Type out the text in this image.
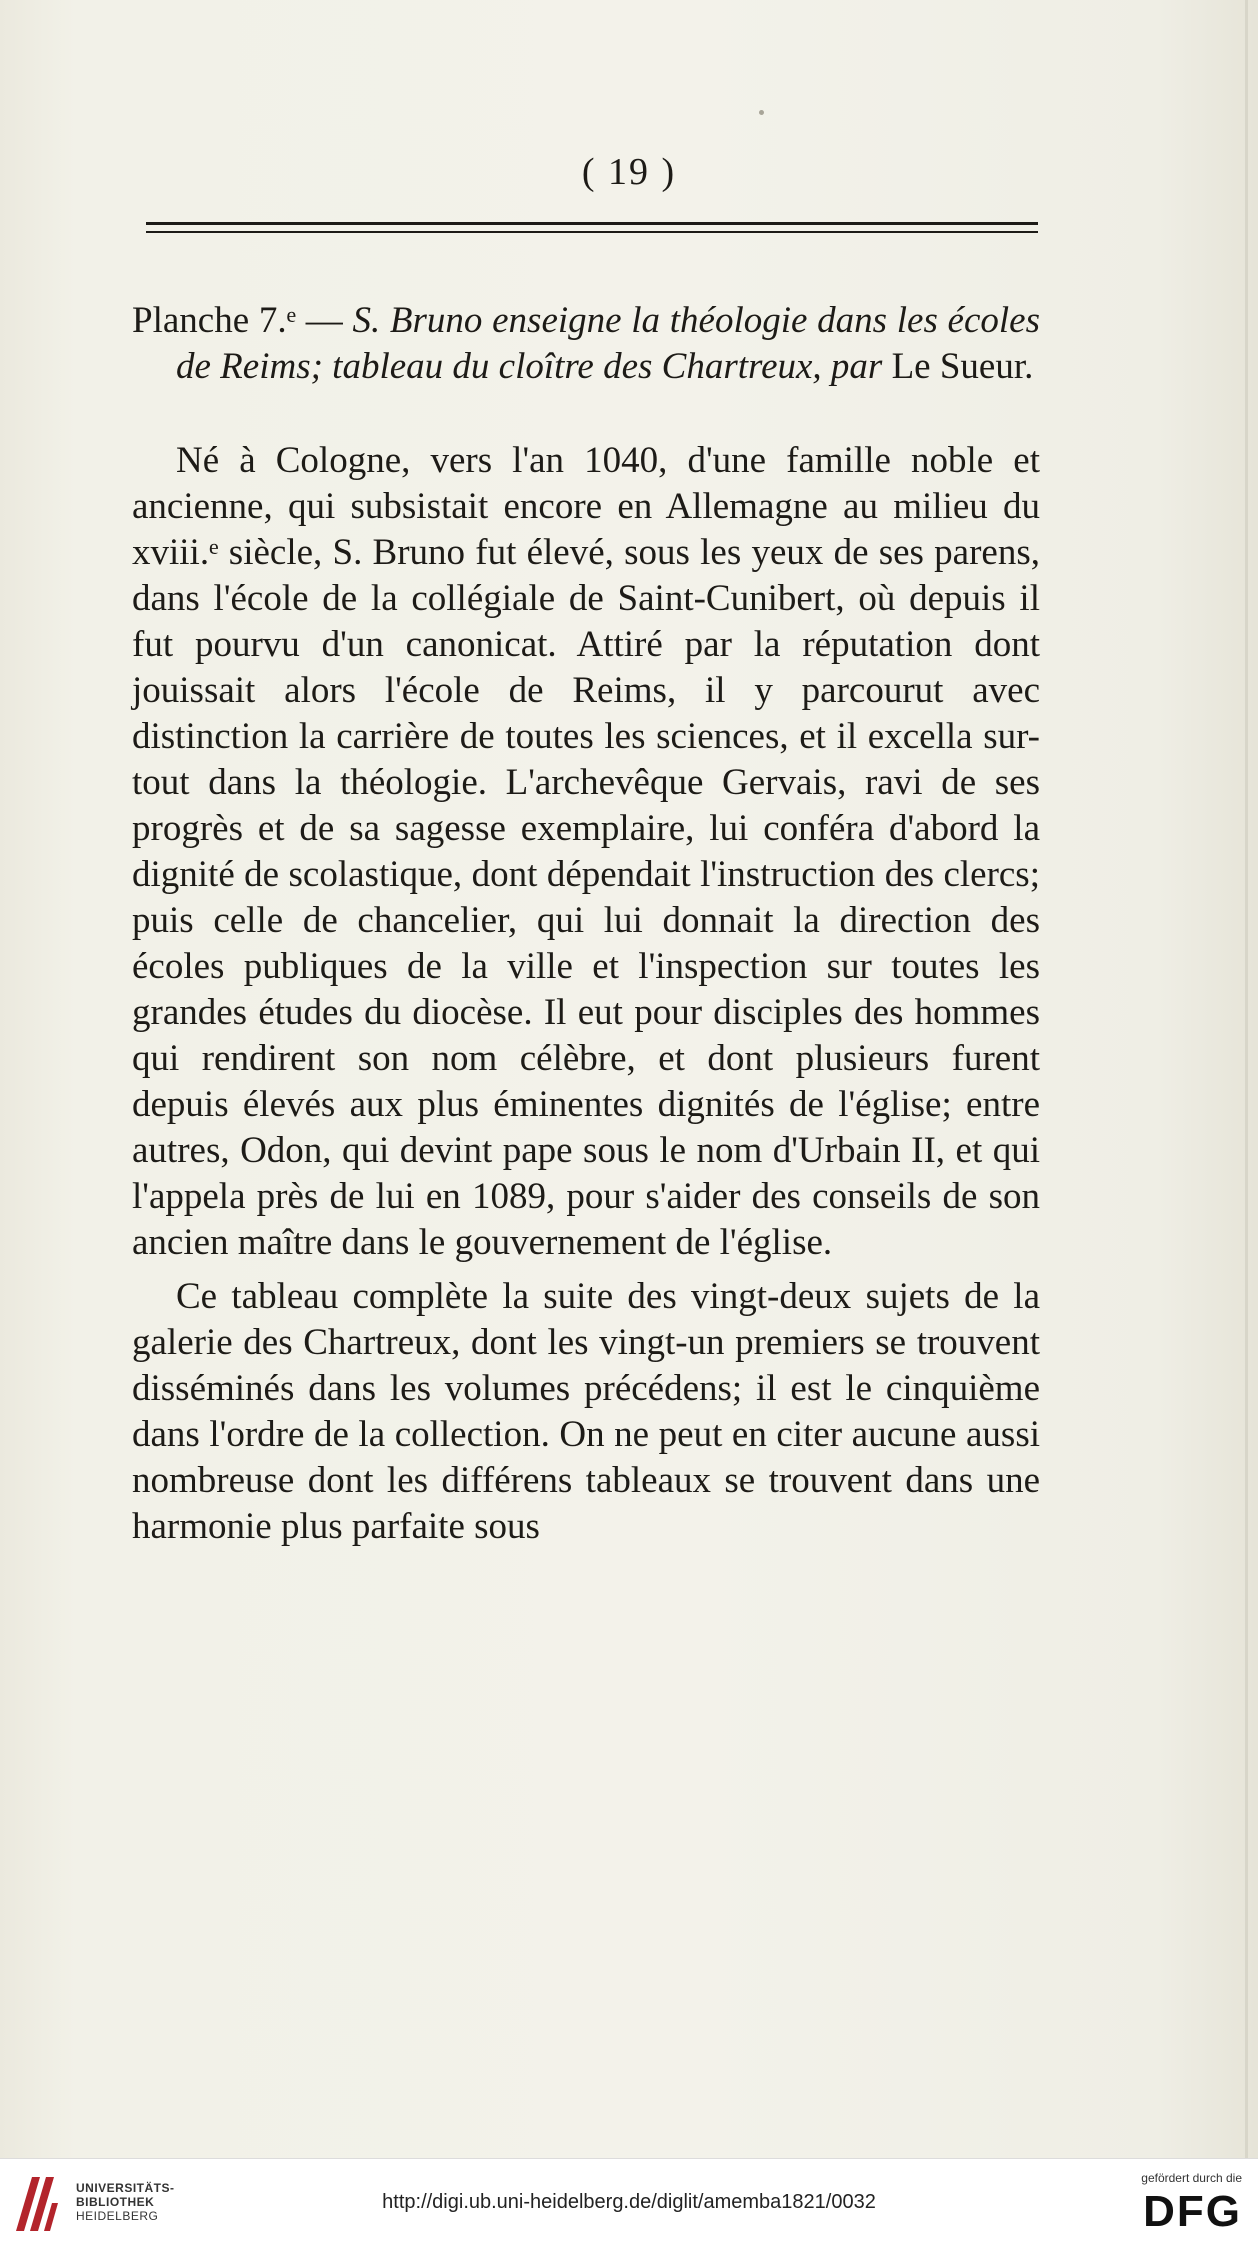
( 19 )

Planche 7.ᵉ — S. Bruno enseigne la théologie dans les écoles de Reims; tableau du cloître des Chartreux, par Le Sueur.

Né à Cologne, vers l'an 1040, d'une famille noble et ancienne, qui subsistait encore en Allemagne au milieu du xviii.ᵉ siècle, S. Bruno fut élevé, sous les yeux de ses parens, dans l'école de la collégiale de Saint-Cunibert, où depuis il fut pourvu d'un canonicat. Attiré par la réputation dont jouissait alors l'école de Reims, il y parcourut avec distinction la carrière de toutes les sciences, et il excella sur-tout dans la théologie. L'archevêque Gervais, ravi de ses progrès et de sa sagesse exemplaire, lui conféra d'abord la dignité de scolastique, dont dépendait l'instruction des clercs; puis celle de chancelier, qui lui donnait la direction des écoles publiques de la ville et l'inspection sur toutes les grandes études du diocèse. Il eut pour disciples des hommes qui rendirent son nom célèbre, et dont plusieurs furent depuis élevés aux plus éminentes dignités de l'église; entre autres, Odon, qui devint pape sous le nom d'Urbain II, et qui l'appela près de lui en 1089, pour s'aider des conseils de son ancien maître dans le gouvernement de l'église.

Ce tableau complète la suite des vingt-deux sujets de la galerie des Chartreux, dont les vingt-un premiers se trouvent disséminés dans les volumes précédens; il est le cinquième dans l'ordre de la collection. On ne peut en citer aucune aussi nombreuse dont les différens tableaux se trouvent dans une harmonie plus parfaite sous

UNIVERSITÄTS-
BIBLIOTHEK
HEIDELBERG
http://digi.ub.uni-heidelberg.de/diglit/amemba1821/0032
gefördert durch die
DFG
